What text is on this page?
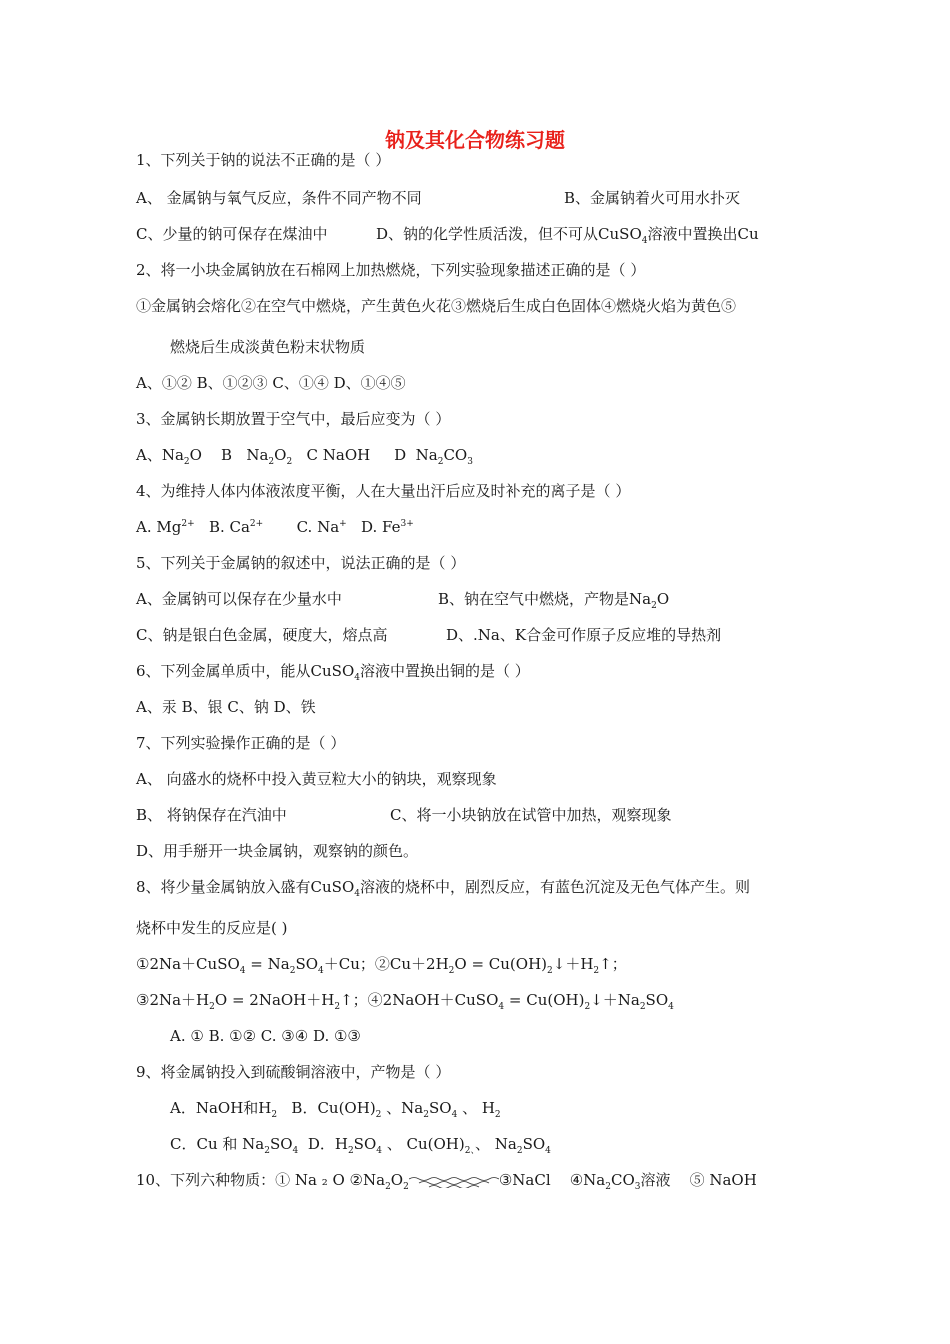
钠及其化合物练习题
1、下列关于钠的说法不正确的是（ ）
A、 金属钠与氧气反应，条件不同产物不同	B、金属钠着火可用水扑灭
C、少量的钠可保存在煤油中	D、钠的化学性质活泼，但不可从CuSO$_4$溶液中置换出Cu
2、将一小块金属钠放在石棉网上加热燃烧，下列实验现象描述正确的是（ ）
①金属钠会熔化②在空气中燃烧，产生黄色火花③燃烧后生成白色固体④燃烧火焰为黄色⑤
燃烧后生成淡黄色粉末状物质
A、①② B、①②③ C、①④ D、①④⑤
3、金属钠长期放置于空气中，最后应变为（ ）
A、$Na_2O$    B   $Na_2O_2$ C NaOH D  $Na_2CO_3$
4、为维持人体内体液浓度平衡，人在大量出汗后应及时补充的离子是（ ）
A. $Mg^{2+}$ B. $Ca^{2+}$ C. Na+ D. $Fe^{3+}$
5、下列关于金属钠的叙述中，说法正确的是（ ）
A、金属钠可以保存在少量水中	B、钠在空气中燃烧，产物是$Na_2O$
C、钠是银白色金属，硬度大，熔点高	D、.Na、K合金可作原子反应堆的导热剂
6、下列金属单质中，能从CuSO$_4$溶液中置换出铜的是（ ）
A、汞 B、银 C、钠 D、铁
7、下列实验操作正确的是（ ）
A、 向盛水的烧杯中投入黄豆粒大小的钠块，观察现象
B、 将钠保存在汽油中	C、将一小块钠放在试管中加热，观察现象
D、用手掰开一块金属钠，观察钠的颜色。
8、将少量金属钠放入盛有CuSO$_4$溶液的烧杯中，剧烈反应，有蓝色沉淀及无色气体产生。则
烧杯中发生的反应是( )
①2Na＋CuSO$_4$ = $Na_2SO_4+Cu$；$②Cu+2H_2O$ = $Cu(OH)_2↓+H_2↑$；
$③2Na+H_2O$ = $2NaOH+H_2↑$；④2NaOH＋CuSO$_4$ = $Cu(OH)_2↓+Na_2SO_4$
A. ① B. ①② C. ③④ D. ①③
9、将金属钠投入到硫酸铜溶液中，产物是（ ）
A．NaOH和$H_2$ B．$Cu(OH)_2$ 、$Na_2SO_4$ 、 $H_2$
C．Cu 和 $Na_2SO_4$ D．$H_2SO_4$ 、 $Cu(OH)_{2、}$、 $Na_2SO_4$
10、下列六种物质：① Na ₂ O $②Na_2O_2$	③NaCl $④Na_2CO_3$溶液 ⑤ NaOH
